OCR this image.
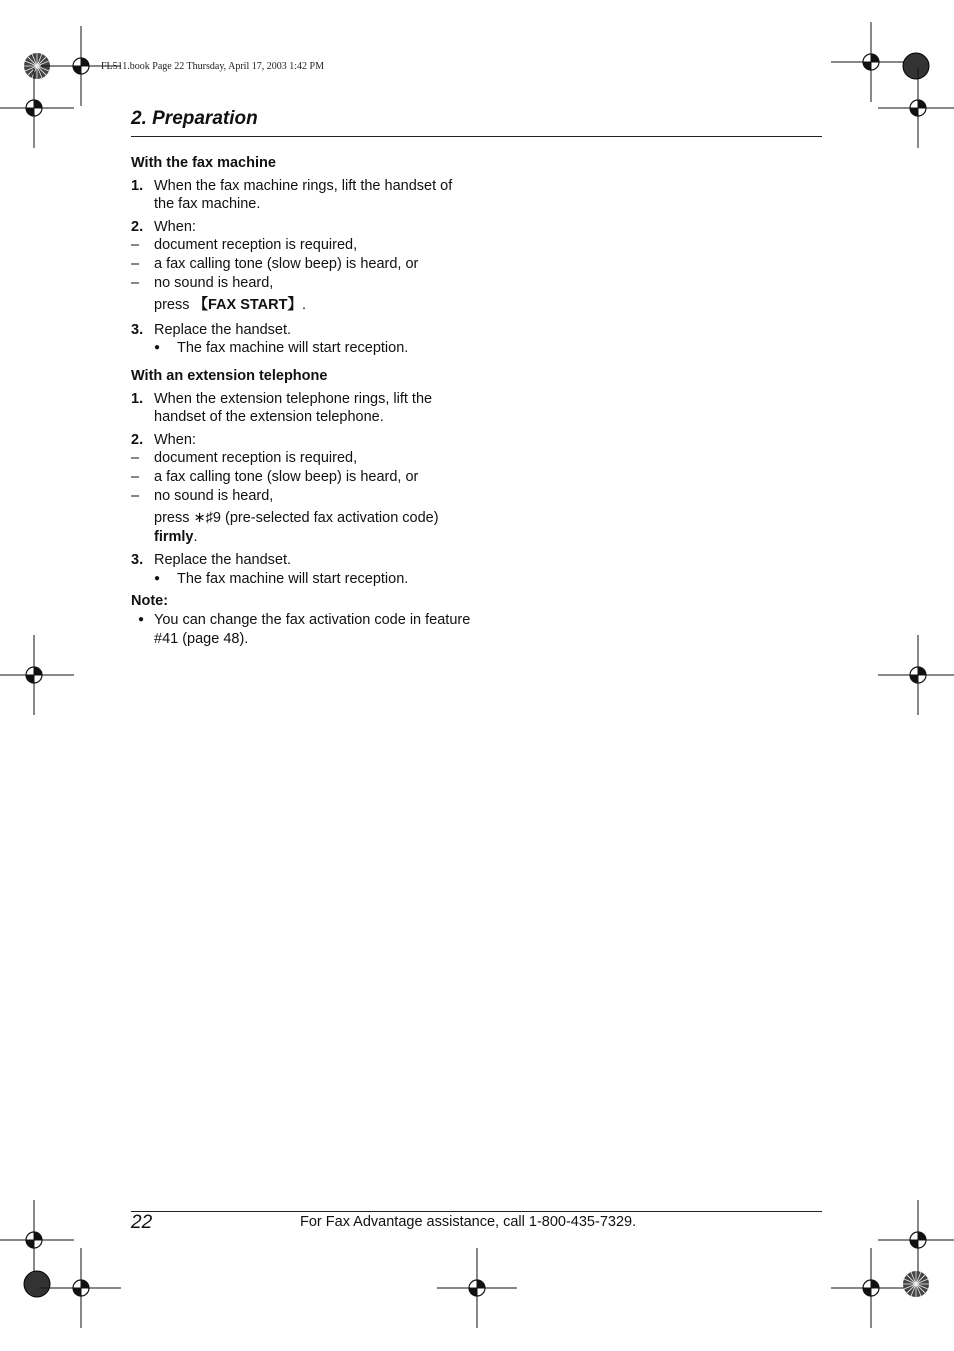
FL511.book Page 22 Thursday, April 17, 2003 1:42 PM
2. Preparation
With the fax machine
1. When the fax machine rings, lift the handset of the fax machine.
2. When:
–	document reception is required,
–	a fax calling tone (slow beep) is heard, or
–	no sound is heard,
press 【FAX START】.
3. Replace the handset.
●	The fax machine will start reception.
With an extension telephone
1. When the extension telephone rings, lift the handset of the extension telephone.
2. When:
–	document reception is required,
–	a fax calling tone (slow beep) is heard, or
–	no sound is heard,
press ∗♯9 (pre-selected fax activation code) firmly.
3. Replace the handset.
●	The fax machine will start reception.
Note:
● You can change the fax activation code in feature #41 (page 48).
22	For Fax Advantage assistance, call 1-800-435-7329.
